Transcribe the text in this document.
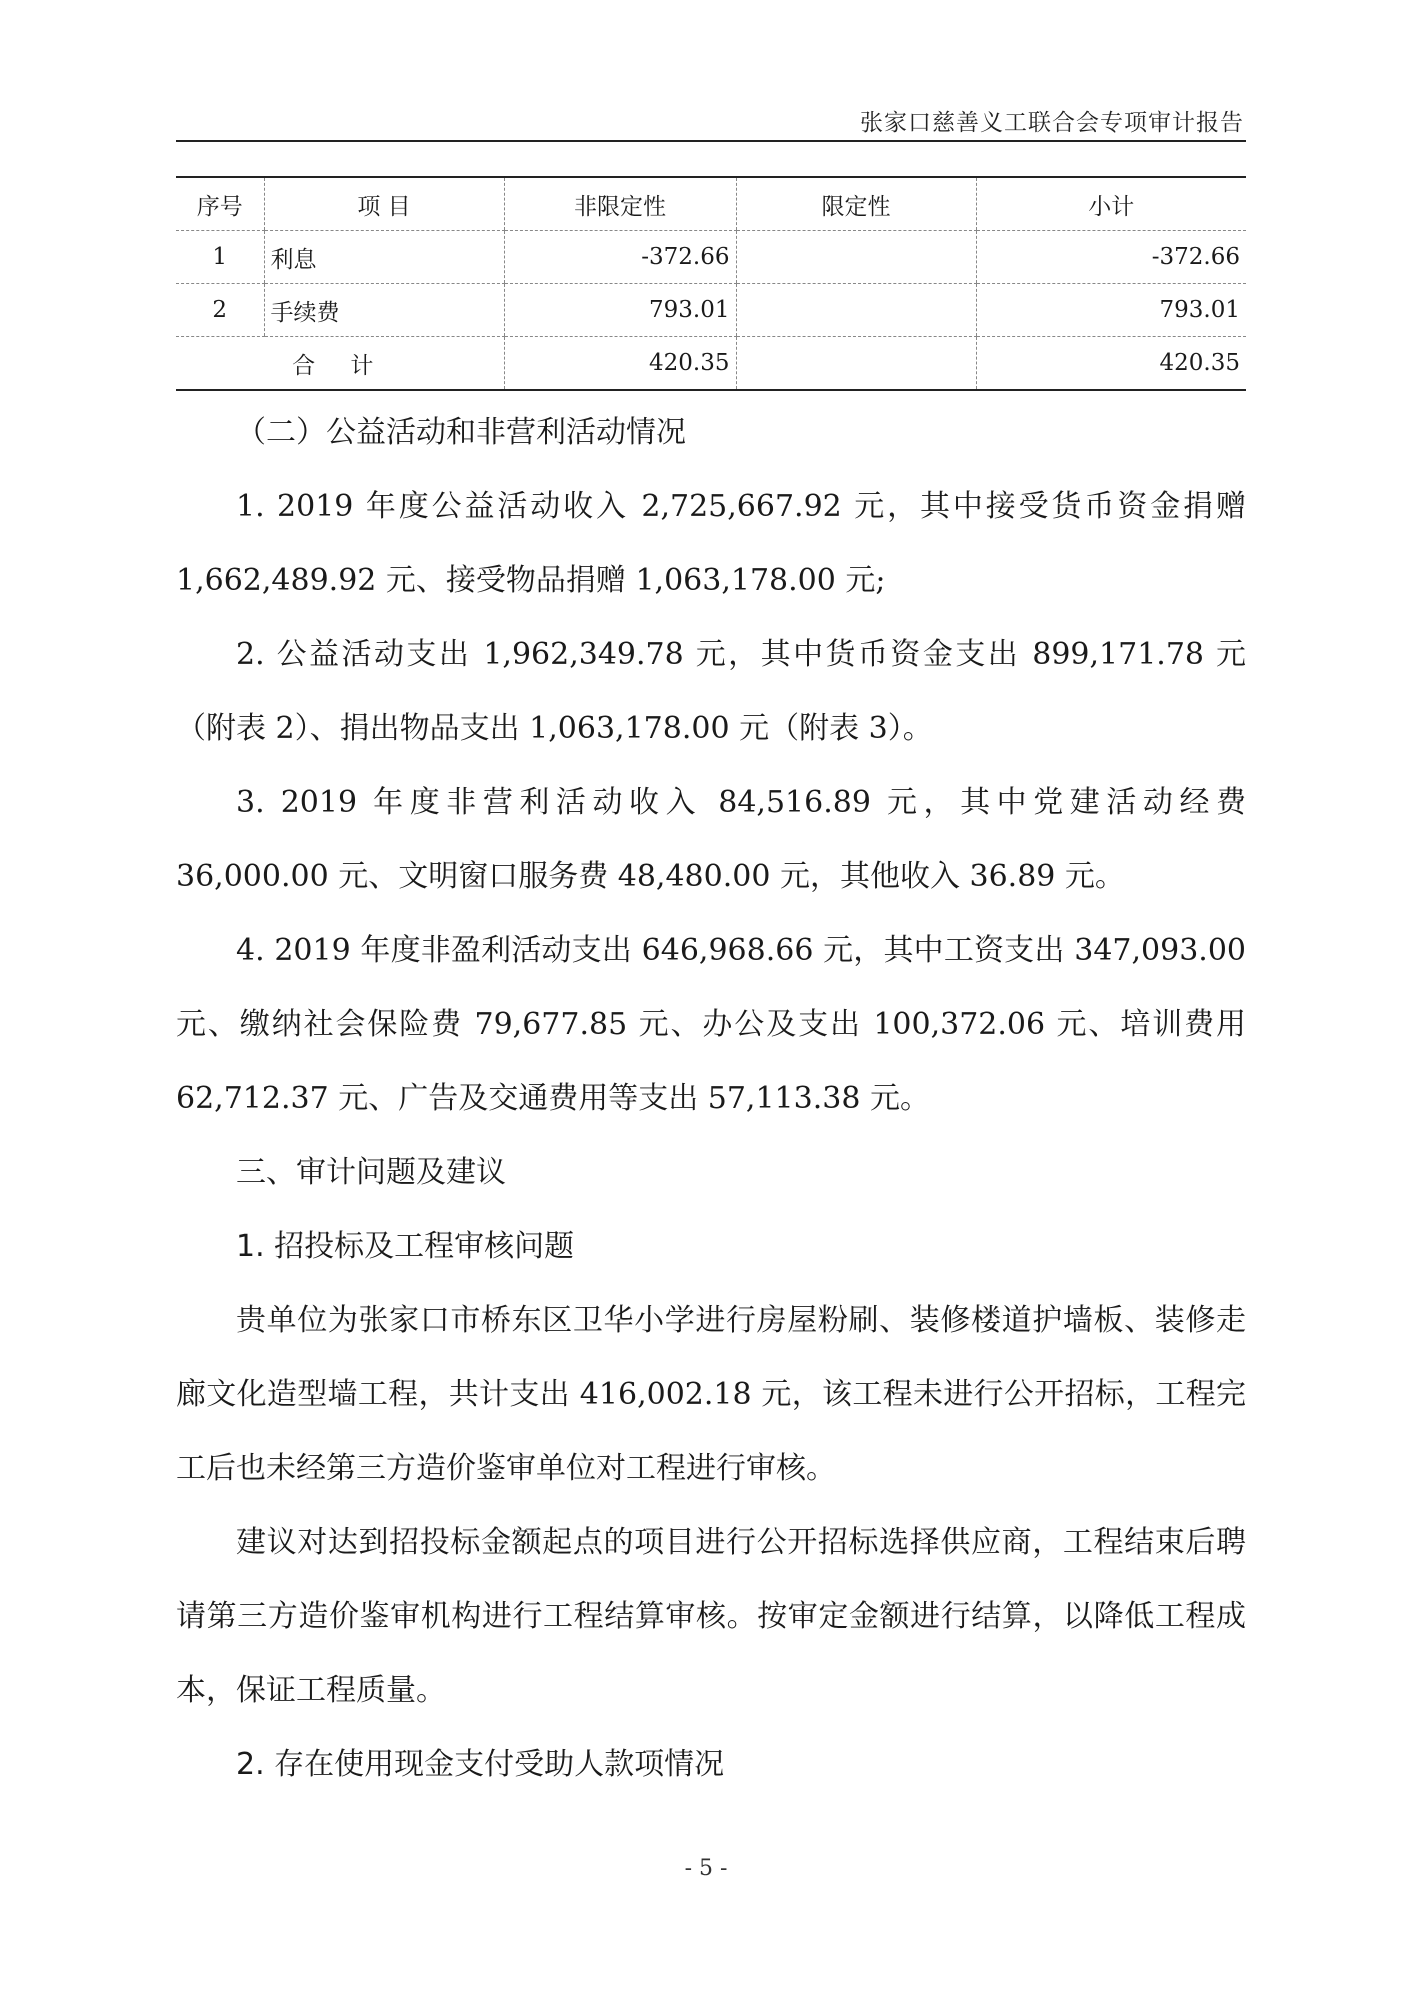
张家口慈善义工联合会专项审计报告
序号	项 目	非限定性	限定性	小计
1	利息	-372.66		-372.66
2	手续费	793.01		793.01
合 计		420.35		420.35

（二）公益活动和非营利活动情况

1. 2019 年度公益活动收入 2,725,667.92 元，其中接受货币资金捐赠 1,662,489.92 元、接受物品捐赠 1,063,178.00 元;

2. 公益活动支出 1,962,349.78 元，其中货币资金支出 899,171.78 元（附表 2）、捐出物品支出 1,063,178.00 元（附表 3）。

3. 2019 年度非营利活动收入 84,516.89 元，其中党建活动经费 36,000.00 元、文明窗口服务费 48,480.00 元，其他收入 36.89 元。

4. 2019 年度非盈利活动支出 646,968.66 元，其中工资支出 347,093.00 元、缴纳社会保险费 79,677.85 元、办公及支出 100,372.06 元、培训费用 62,712.37 元、广告及交通费用等支出 57,113.38 元。

三、审计问题及建议

1. 招投标及工程审核问题

贵单位为张家口市桥东区卫华小学进行房屋粉刷、装修楼道护墙板、装修走廊文化造型墙工程，共计支出 416,002.18 元，该工程未进行公开招标，工程完工后也未经第三方造价鉴审单位对工程进行审核。

建议对达到招投标金额起点的项目进行公开招标选择供应商，工程结束后聘请第三方造价鉴审机构进行工程结算审核。按审定金额进行结算，以降低工程成本，保证工程质量。

2. 存在使用现金支付受助人款项情况

- 5 -
